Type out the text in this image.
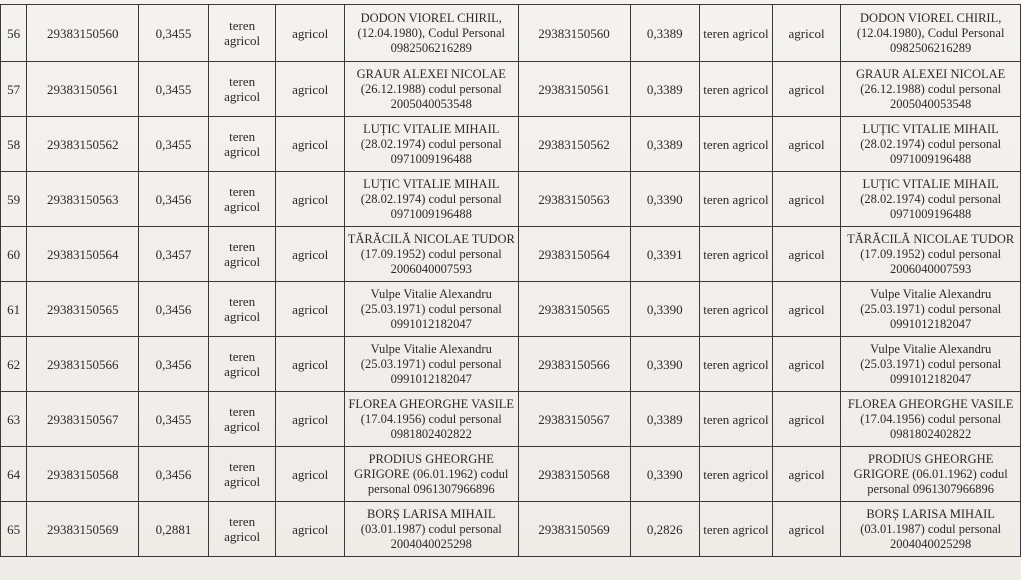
56	29383150560	0,3455	teren agricol	agricol	DODON VIOREL CHIRIL, (12.04.1980), Codul Personal 0982506216289	29383150560	0,3389	teren agricol	agricol	DODON VIOREL CHIRIL, (12.04.1980), Codul Personal 0982506216289
57	29383150561	0,3455	teren agricol	agricol	GRAUR ALEXEI NICOLAE (26.12.1988) codul personal 2005040053548	29383150561	0,3389	teren agricol	agricol	GRAUR ALEXEI NICOLAE (26.12.1988) codul personal 2005040053548
58	29383150562	0,3455	teren agricol	agricol	LUȚIC VITALIE MIHAIL (28.02.1974) codul personal 0971009196488	29383150562	0,3389	teren agricol	agricol	LUȚIC VITALIE MIHAIL (28.02.1974) codul personal 0971009196488
59	29383150563	0,3456	teren agricol	agricol	LUȚIC VITALIE MIHAIL (28.02.1974) codul personal 0971009196488	29383150563	0,3390	teren agricol	agricol	LUȚIC VITALIE MIHAIL (28.02.1974) codul personal 0971009196488
60	29383150564	0,3457	teren agricol	agricol	TĂRĂCILĂ NICOLAE TUDOR (17.09.1952) codul personal 2006040007593	29383150564	0,3391	teren agricol	agricol	TĂRĂCILĂ NICOLAE TUDOR (17.09.1952) codul personal 2006040007593
61	29383150565	0,3456	teren agricol	agricol	Vulpe Vitalie Alexandru (25.03.1971) codul personal 0991012182047	29383150565	0,3390	teren agricol	agricol	Vulpe Vitalie Alexandru (25.03.1971) codul personal 0991012182047
62	29383150566	0,3456	teren agricol	agricol	Vulpe Vitalie Alexandru (25.03.1971) codul personal 0991012182047	29383150566	0,3390	teren agricol	agricol	Vulpe Vitalie Alexandru (25.03.1971) codul personal 0991012182047
63	29383150567	0,3455	teren agricol	agricol	FLOREA GHEORGHE VASILE (17.04.1956) codul personal 0981802402822	29383150567	0,3389	teren agricol	agricol	FLOREA GHEORGHE VASILE (17.04.1956) codul personal 0981802402822
64	29383150568	0,3456	teren agricol	agricol	PRODIUS GHEORGHE GRIGORE (06.01.1962) codul personal 0961307966896	29383150568	0,3390	teren agricol	agricol	PRODIUS GHEORGHE GRIGORE (06.01.1962) codul personal 0961307966896
65	29383150569	0,2881	teren agricol	agricol	BORȘ LARISA MIHAIL (03.01.1987) codul personal 2004040025298	29383150569	0,2826	teren agricol	agricol	BORȘ LARISA MIHAIL (03.01.1987) codul personal 2004040025298
